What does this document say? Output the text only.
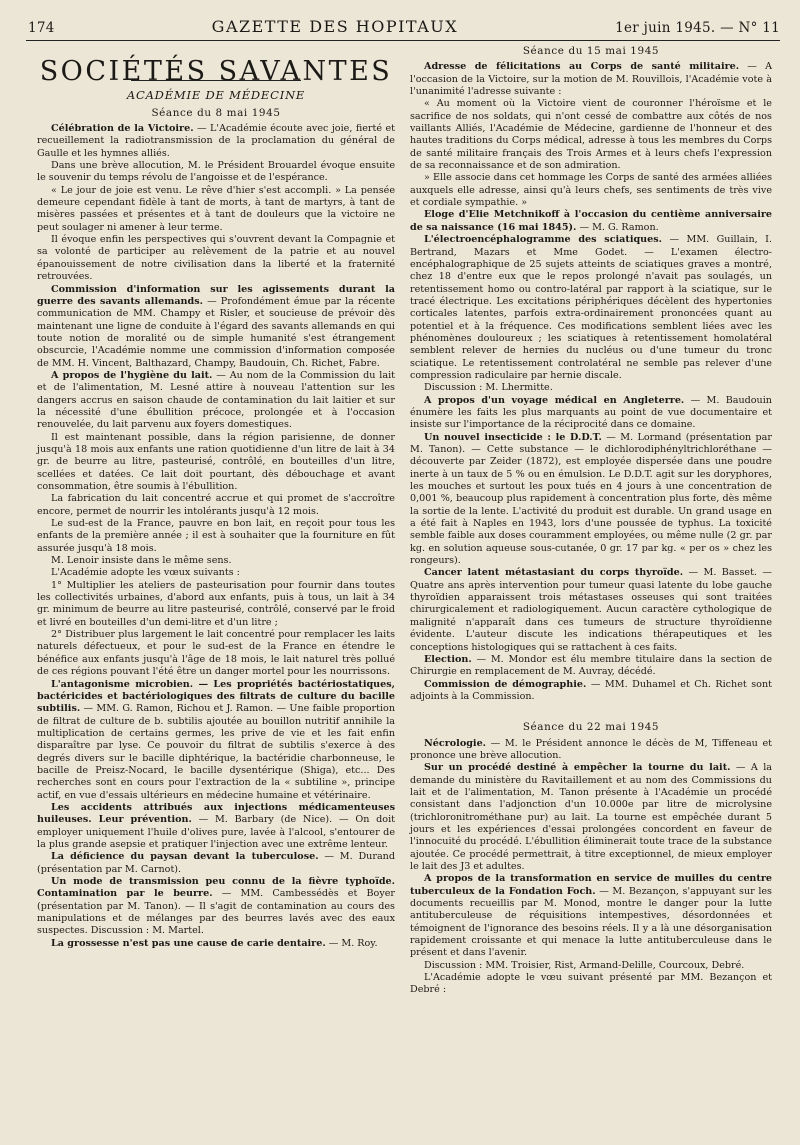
174	GAZETTE DES HOPITAUX	1er juin 1945. — N° 11
SOCIÉTÉS SAVANTES
ACADÉMIE DE MÉDECINE

Séance du 8 mai 1945

Célébration de la Victoire. — L'Académie écoute avec joie, fierté et recueillement la radiotransmission de la proclamation du général de Gaulle et les hymnes alliés.

Dans une brève allocution, M. le Président Brouardel évoque ensuite le souvenir du temps révolu de l'angoisse et de l'espérance.

« Le jour de joie est venu. Le rêve d'hier s'est accompli. » La pensée demeure cependant fidèle à tant de morts, à tant de martyrs, à tant de misères passées et présentes et à tant de douleurs que la victoire ne peut soulager ni amener à leur terme.

Il évoque enfin les perspectives qui s'ouvrent devant la Compagnie et sa volonté de participer au relèvement de la patrie et au nouvel épanouissement de notre civilisation dans la liberté et la fraternité retrouvées.

Commission d'information sur les agissements durant la guerre des savants allemands. — Profondément émue par la récente communication de MM. Champy et Risler, et soucieuse de prévoir dès maintenant une ligne de conduite à l'égard des savants allemands en qui toute notion de moralité ou de simple humanité s'est étrangement obscurcie, l'Académie nomme une commission d'information composée de MM. H. Vincent, Balthazard, Champy, Baudouin, Ch. Richet, Fabre.

A propos de l'hygiène du lait. — Au nom de la Commission du lait et de l'alimentation, M. Lesné attire à nouveau l'attention sur les dangers accrus en saison chaude de contamination du lait laitier et sur la nécessité d'une ébullition précoce, prolongée et à l'occasion renouvelée, du lait parvenu aux foyers domestiques.

Il est maintenant possible, dans la région parisienne, de donner jusqu'à 18 mois aux enfants une ration quotidienne d'un litre de lait à 34 gr. de beurre au litre, pasteurisé, contrôlé, en bouteilles d'un litre, scellées et datées. Ce lait doit pourtant, dès débouchage et avant consommation, être soumis à l'ébullition.

La fabrication du lait concentré accrue et qui promet de s'accroître encore, permet de nourrir les intolérants jusqu'à 12 mois.

Le sud-est de la France, pauvre en bon lait, en reçoit pour tous les enfants de la première année ; il est à souhaiter que la fourniture en fût assurée jusqu'à 18 mois.

M. Lenoir insiste dans le même sens.

L'Académie adopte les vœux suivants :

1° Multiplier les ateliers de pasteurisation pour fournir dans toutes les collectivités urbaines, d'abord aux enfants, puis à tous, un lait à 34 gr. minimum de beurre au litre pasteurisé, contrôlé, conservé par le froid et livré en bouteilles d'un demi-litre et d'un litre ;

2° Distribuer plus largement le lait concentré pour remplacer les laits naturels défectueux, et pour le sud-est de la France en étendre le bénéfice aux enfants jusqu'à l'âge de 18 mois, le lait naturel très pollué de ces régions pouvant l'été être un danger mortel pour les nourrissons.

L'antagonisme microbien. — Les propriétés bactériostatiques, bactéricides et bactériologiques des filtrats de culture du bacille subtilis. — MM. G. Ramon, Richou et J. Ramon. — Une faible proportion de filtrat de culture de b. subtilis ajoutée au bouillon nutritif annihile la multiplication de certains germes, les prive de vie et les fait enfin disparaître par lyse. Ce pouvoir du filtrat de subtilis s'exerce à des degrés divers sur le bacille diphtérique, la bactéridie charbonneuse, le bacille de Preisz-Nocard, le bacille dysentérique (Shiga), etc... Des recherches sont en cours pour l'extraction de la « subtiline », principe actif, en vue d'essais ultérieurs en médecine humaine et vétérinaire.

Les accidents attribués aux injections médicamenteuses huileuses. Leur prévention. — M. Barbary (de Nice). — On doit employer uniquement l'huile d'olives pure, lavée à l'alcool, s'entourer de la plus grande asepsie et pratiquer l'injection avec une extrême lenteur.

La déficience du paysan devant la tuberculose. — M. Durand (présentation par M. Carnot).

Un mode de transmission peu connu de la fièvre typhoïde. Contamination par le beurre. — MM. Cambessédès et Boyer (présentation par M. Tanon). — Il s'agit de contamination au cours des manipulations et de mélanges par des beurres lavés avec des eaux suspectes. Discussion : M. Martel.

La grossesse n'est pas une cause de carie dentaire. — M. Roy.

Séance du 15 mai 1945

Adresse de félicitations au Corps de santé militaire. — A l'occasion de la Victoire, sur la motion de M. Rouvillois, l'Académie vote à l'unanimité l'adresse suivante :

« Au moment où la Victoire vient de couronner l'héroïsme et le sacrifice de nos soldats, qui n'ont cessé de combattre aux côtés de nos vaillants Alliés, l'Académie de Médecine, gardienne de l'honneur et des hautes traditions du Corps médical, adresse à tous les membres du Corps de santé militaire français des Trois Armes et à leurs chefs l'expression de sa reconnaissance et de son admiration.

» Elle associe dans cet hommage les Corps de santé des armées alliées auxquels elle adresse, ainsi qu'à leurs chefs, ses sentiments de très vive et cordiale sympathie. »

Eloge d'Elie Metchnikoff à l'occasion du centième anniversaire de sa naissance (16 mai 1845). — M. G. Ramon.

L'électroencéphalogramme des sciatiques. — MM. Guillain, I. Bertrand, Mazars et Mme Godet. — L'examen électro-encéphalographique de 25 sujets atteints de sciatiques graves a montré, chez 18 d'entre eux que le repos prolongé n'avait pas soulagés, un retentissement homo ou contro-latéral par rapport à la sciatique, sur le tracé électrique. Les excitations périphériques décèlent des hypertonies corticales latentes, parfois extra-ordinairement prononcées quant au potentiel et à la fréquence. Ces modifications semblent liées avec les phénomènes douloureux ; les sciatiques à retentissement homolatéral semblent relever de hernies du nucléus ou d'une tumeur du tronc sciatique. Le retentissement controlatéral ne semble pas relever d'une compression radiculaire par hernie discale.

Discussion : M. Lhermitte.

A propos d'un voyage médical en Angleterre. — M. Baudouin énumère les faits les plus marquants au point de vue documentaire et insiste sur l'importance de la réciprocité dans ce domaine.

Un nouvel insecticide : le D.D.T. — M. Lormand (présentation par M. Tanon). — Cette substance — le dichlorodiphényltrichloréthane — découverte par Zeider (1872), est employée dispersée dans une poudre inerte à un taux de 5 % ou en émulsion. Le D.D.T. agit sur les doryphores, les mouches et surtout les poux tués en 4 jours à une concentration de 0,001 %, beaucoup plus rapidement à concentration plus forte, dès même la sortie de la lente. L'activité du produit est durable. Un grand usage en a été fait à Naples en 1943, lors d'une poussée de typhus. La toxicité semble faible aux doses couramment employées, ou même nulle (2 gr. par kg. en solution aqueuse sous-cutanée, 0 gr. 17 par kg. « per os » chez les rongeurs).

Cancer latent métastasiant du corps thyroïde. — M. Basset. — Quatre ans après intervention pour tumeur quasi latente du lobe gauche thyroïdien apparaissent trois métastases osseuses qui sont traitées chirurgicalement et radiologiquement. Aucun caractère cythologique de malignité n'apparaît dans ces tumeurs de structure thyroïdienne évidente. L'auteur discute les indications thérapeutiques et les conceptions histologiques qui se rattachent à ces faits.

Election. — M. Mondor est élu membre titulaire dans la section de Chirurgie en remplacement de M. Auvray, décédé.

Commission de démographie. — MM. Duhamel et Ch. Richet sont adjoints à la Commission.

Séance du 22 mai 1945

Nécrologie. — M. le Président annonce le décès de M, Tiffeneau et prononce une brève allocution.

Sur un procédé destiné à empêcher la tourne du lait. — A la demande du ministère du Ravitaillement et au nom des Commissions du lait et de l'alimentation, M. Tanon présente à l'Académie un procédé consistant dans l'adjonction d'un 10.000e par litre de microlysine (trichloronitrométhane pur) au lait. La tourne est empêchée durant 5 jours et les expériences d'essai prolongées concordent en faveur de l'innocuité du procédé. L'ébullition éliminerait toute trace de la substance ajoutée. Ce procédé permettrait, à titre exceptionnel, de mieux employer le lait des J3 et adultes.

A propos de la transformation en service de muilles du centre tuberculeux de la Fondation Foch. — M. Bezançon, s'appuyant sur les documents recueillis par M. Monod, montre le danger pour la lutte antituberculeuse de réquisitions intempestives, désordonnées et témoignent de l'ignorance des besoins réels. Il y a là une désorganisation rapidement croissante et qui menace la lutte antituberculeuse dans le présent et dans l'avenir.

Discussion : MM. Troisier, Rist, Armand-Delille, Courcoux, Debré.

L'Académie adopte le vœu suivant présenté par MM. Bezançon et Debré :
